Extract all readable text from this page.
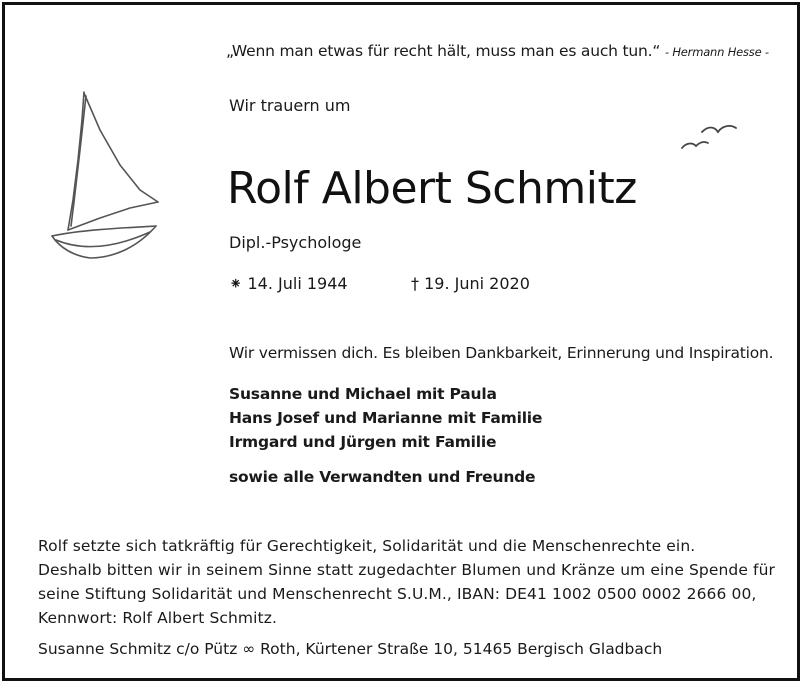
„Wenn man etwas für recht hält, muss man es auch tun.“ - Hermann Hesse -
Wir trauern um
Rolf Albert Schmitz
Dipl.-Psychologe
⁕ 14. Juli 1944	† 19. Juni 2020
Wir vermissen dich. Es bleiben Dankbarkeit, Erinnerung und Inspiration.
Susanne und Michael mit Paula
Hans Josef und Marianne mit Familie
Irmgard und Jürgen mit Familie
sowie alle Verwandten und Freunde
Rolf setzte sich tatkräftig für Gerechtigkeit, Solidarität und die Menschenrechte ein.
Deshalb bitten wir in seinem Sinne statt zugedachter Blumen und Kränze um eine Spende für
seine Stiftung Solidarität und Menschenrecht S.U.M., IBAN: DE41 1002 0500 0002 2666 00,
Kennwort: Rolf Albert Schmitz.
Susanne Schmitz c/o Pütz ∞ Roth, Kürtener Straße 10, 51465 Bergisch Gladbach
